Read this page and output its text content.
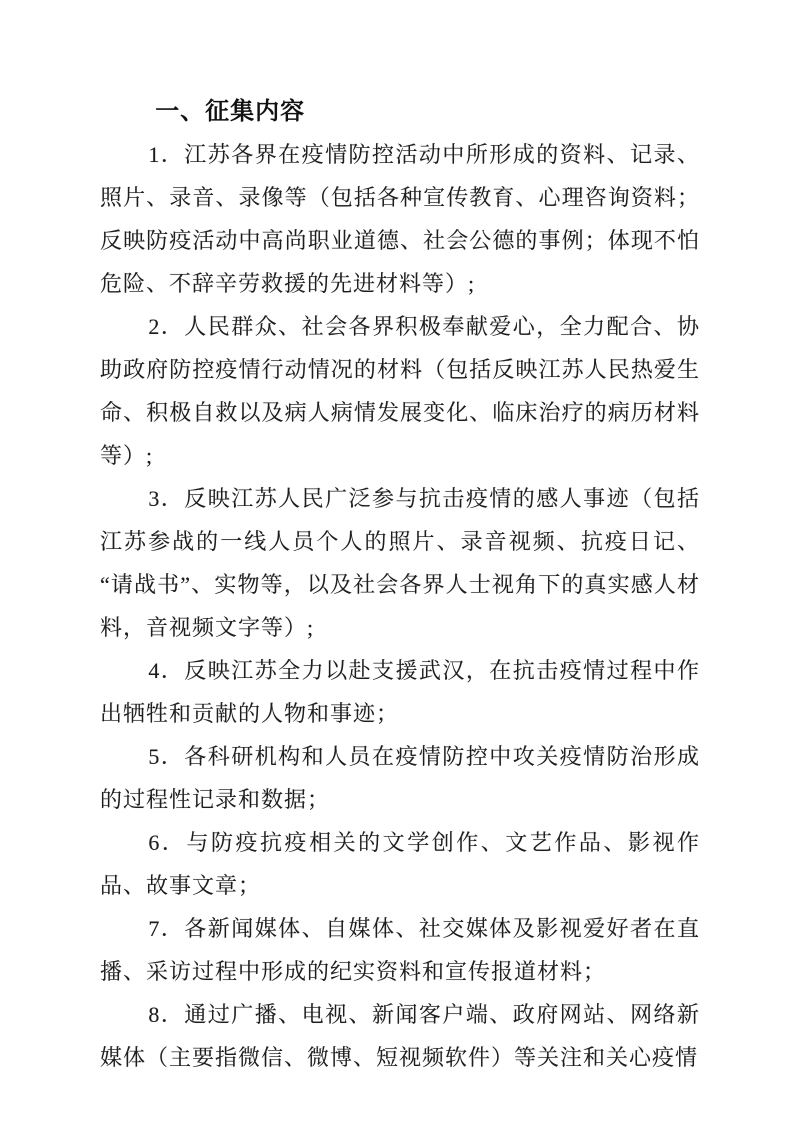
一、征集内容

1．江苏各界在疫情防控活动中所形成的资料、记录、照片、录音、录像等（包括各种宣传教育、心理咨询资料；反映防疫活动中高尚职业道德、社会公德的事例；体现不怕危险、不辞辛劳救援的先进材料等）;

2．人民群众、社会各界积极奉献爱心，全力配合、协助政府防控疫情行动情况的材料（包括反映江苏人民热爱生命、积极自救以及病人病情发展变化、临床治疗的病历材料等）;

3．反映江苏人民广泛参与抗击疫情的感人事迹（包括江苏参战的一线人员个人的照片、录音视频、抗疫日记、“请战书”、实物等，以及社会各界人士视角下的真实感人材料，音视频文字等）;

4．反映江苏全力以赴支援武汉，在抗击疫情过程中作出牺牲和贡献的人物和事迹；

5．各科研机构和人员在疫情防控中攻关疫情防治形成的过程性记录和数据；

6．与防疫抗疫相关的文学创作、文艺作品、影视作品、故事文章；

7．各新闻媒体、自媒体、社交媒体及影视爱好者在直播、采访过程中形成的纪实资料和宣传报道材料；

8．通过广播、电视、新闻客户端、政府网站、网络新媒体（主要指微信、微博、短视频软件）等关注和关心疫情
